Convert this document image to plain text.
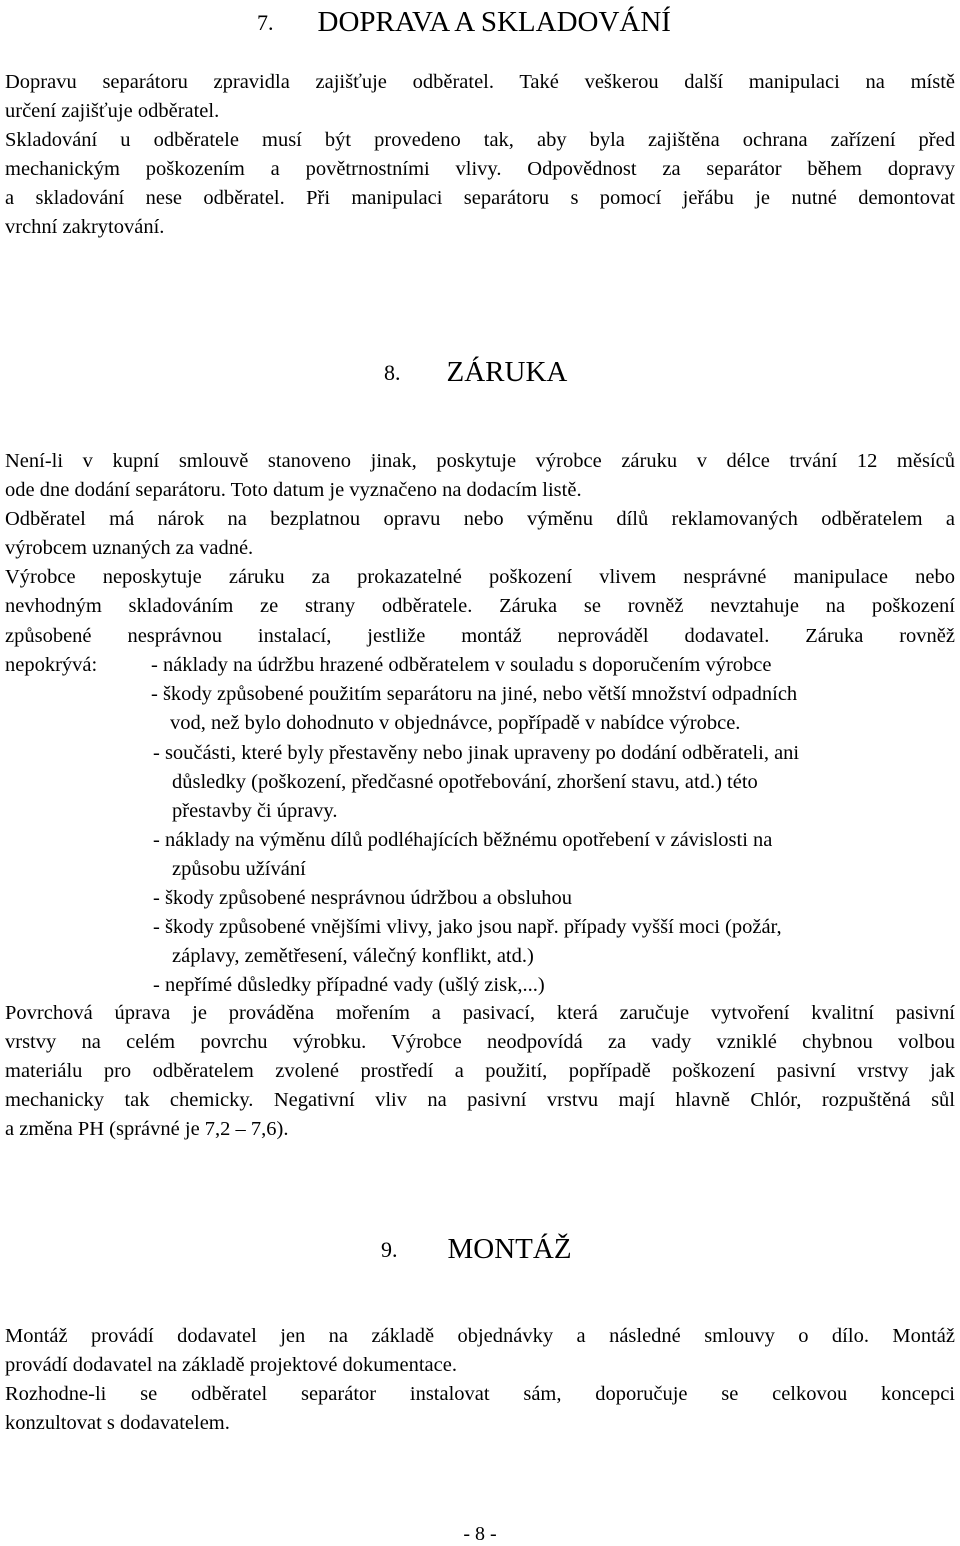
7. DOPRAVA A SKLADOVÁNÍ
Dopravu separátoru zpravidla zajišťuje odběratel. Také veškerou další manipulaci na místě
určení zajišťuje odběratel.
Skladování u odběratele musí být provedeno tak, aby byla zajištěna ochrana zařízení před
mechanickým poškozením a povětrnostními vlivy. Odpovědnost za separátor během dopravy
a skladování nese odběratel. Při manipulaci separátoru s pomocí jeřábu je nutné demontovat
vrchní zakrytování.
8. ZÁRUKA
Není-li v kupní smlouvě stanoveno jinak, poskytuje výrobce záruku v délce trvání 12 měsíců
ode dne dodání separátoru. Toto datum je vyznačeno na dodacím listě.
Odběratel má nárok na bezplatnou opravu nebo výměnu dílů reklamovaných odběratelem a
výrobcem uznaných za vadné.
Výrobce neposkytuje záruku za prokazatelné poškození vlivem nesprávné manipulace nebo
nevhodným skladováním ze strany odběratele. Záruka se rovněž nevztahuje na poškození
způsobené nesprávnou instalací, jestliže montáž neprováděl dodavatel. Záruka rovněž
nepokrývá:	- náklady na údržbu hrazené odběratelem v souladu s doporučením výrobce
- škody způsobené použitím separátoru na jiné, nebo větší množství odpadních
vod, než bylo dohodnuto v objednávce, popřípadě v nabídce výrobce.
- součásti, které byly přestavěny nebo jinak upraveny po dodání odběrateli, ani
důsledky (poškození, předčasné opotřebování, zhoršení stavu, atd.) této
přestavby či úpravy.
- náklady na výměnu dílů podléhajících běžnému opotřebení v závislosti na
způsobu užívání
- škody způsobené nesprávnou údržbou a obsluhou
- škody způsobené vnějšími vlivy, jako jsou např. případy vyšší moci (požár,
záplavy, zemětřesení, válečný konflikt, atd.)
- nepřímé důsledky případné vady (ušlý zisk,...)
Povrchová úprava je prováděna mořením a pasivací, která zaručuje vytvoření kvalitní pasivní
vrstvy na celém povrchu výrobku. Výrobce neodpovídá za vady vzniklé chybnou volbou
materiálu pro odběratelem zvolené prostředí a použití, popřípadě poškození pasivní vrstvy jak
mechanicky tak chemicky. Negativní vliv na pasivní vrstvu mají hlavně Chlór, rozpuštěná sůl
a změna PH (správné je 7,2 – 7,6).
9. MONTÁŽ
Montáž provádí dodavatel jen na základě objednávky a následné smlouvy o dílo. Montáž
provádí dodavatel na základě projektové dokumentace.
Rozhodne-li se odběratel separátor instalovat sám, doporučuje se celkovou koncepci
konzultovat s dodavatelem.
- 8 -
